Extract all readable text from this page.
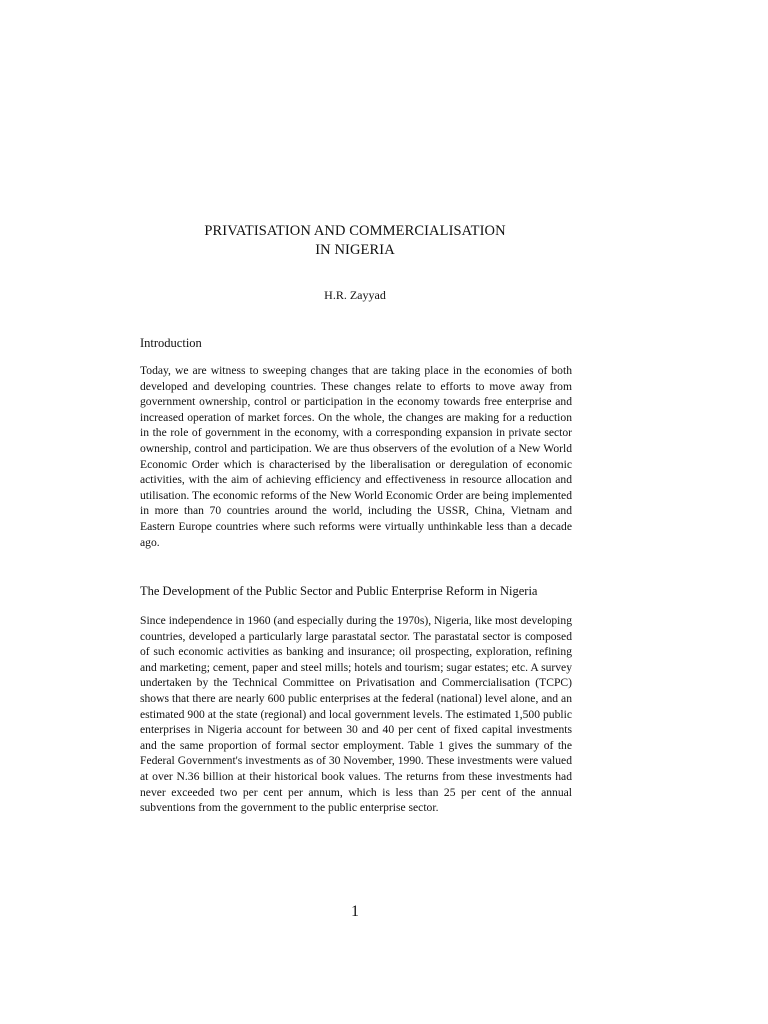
PRIVATISATION AND COMMERCIALISATION
IN NIGERIA
H.R. Zayyad
Introduction

Today, we are witness to sweeping changes that are taking place in the economies of both developed and developing countries. These changes relate to efforts to move away from government ownership, control or participation in the economy towards free enterprise and increased operation of market forces. On the whole, the changes are making for a reduction in the role of government in the economy, with a corresponding expansion in private sector ownership, control and participation. We are thus observers of the evolution of a New World Economic Order which is characterised by the liberalisation or deregulation of economic activities, with the aim of achieving efficiency and effectiveness in resource allocation and utilisation. The economic reforms of the New World Economic Order are being implemented in more than 70 countries around the world, including the USSR, China, Vietnam and Eastern Europe countries where such reforms were virtually unthinkable less than a decade ago.

The Development of the Public Sector and Public Enterprise Reform in Nigeria

Since independence in 1960 (and especially during the 1970s), Nigeria, like most developing countries, developed a particularly large parastatal sector. The parastatal sector is composed of such economic activities as banking and insurance; oil prospecting, exploration, refining and marketing; cement, paper and steel mills; hotels and tourism; sugar estates; etc. A survey undertaken by the Technical Committee on Privatisation and Commercialisation (TCPC) shows that there are nearly 600 public enterprises at the federal (national) level alone, and an estimated 900 at the state (regional) and local government levels. The estimated 1,500 public enterprises in Nigeria account for between 30 and 40 per cent of fixed capital investments and the same proportion of formal sector employment. Table 1 gives the summary of the Federal Government's investments as of 30 November, 1990. These investments were valued at over N.36 billion at their historical book values. The returns from these investments had never exceeded two per cent per annum, which is less than 25 per cent of the annual subventions from the government to the public enterprise sector.

1
